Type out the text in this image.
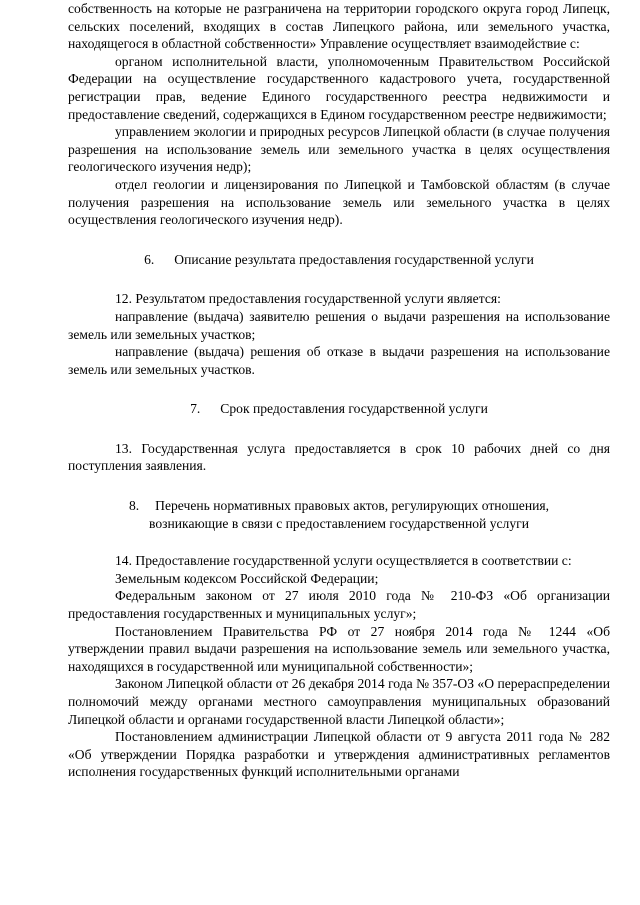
собственность на которые не разграничена на территории городского округа город Липецк, сельских поселений, входящих в состав Липецкого района, или земельного участка, находящегося в областной собственности» Управление осуществляет взаимодействие с:

органом исполнительной власти, уполномоченным Правительством Российской Федерации на осуществление государственного кадастрового учета, государственной регистрации прав, ведение Единого государственного реестра недвижимости и предоставление сведений, содержащихся в Едином государственном реестре недвижимости;

управлением экологии и природных ресурсов Липецкой области (в случае получения разрешения на использование земель или земельного участка в целях осуществления геологического изучения недр);

отдел геологии и лицензирования по Липецкой и Тамбовской областям (в случае получения разрешения на использование земель или земельного участка в целях осуществления геологического изучения недр).

6. Описание результата предоставления государственной услуги

12. Результатом предоставления государственной услуги является:

направление (выдача) заявителю решения о выдачи разрешения на использование земель или земельных участков;

направление (выдача) решения об отказе в выдачи разрешения на использование земель или земельных участков.

7. Срок предоставления государственной услуги

13. Государственная услуга предоставляется в срок 10 рабочих дней со дня поступления заявления.

8. Перечень нормативных правовых актов, регулирующих отношения,
возникающие в связи с предоставлением государственной услуги

14. Предоставление государственной услуги осуществляется в соответствии с:

Земельным кодексом Российской Федерации;

Федеральным законом от 27 июля 2010 года № 210-ФЗ «Об организации предоставления государственных и муниципальных услуг»;

Постановлением Правительства РФ от 27 ноября 2014 года № 1244 «Об утверждении правил выдачи разрешения на использование земель или земельного участка, находящихся в государственной или муниципальной собственности»;

Законом Липецкой области от 26 декабря 2014 года № 357-ОЗ «О перераспределении полномочий между органами местного самоуправления муниципальных образований Липецкой области и органами государственной власти Липецкой области»;

Постановлением администрации Липецкой области от 9 августа 2011 года № 282 «Об утверждении Порядка разработки и утверждения административных регламентов исполнения государственных функций исполнительными органами
